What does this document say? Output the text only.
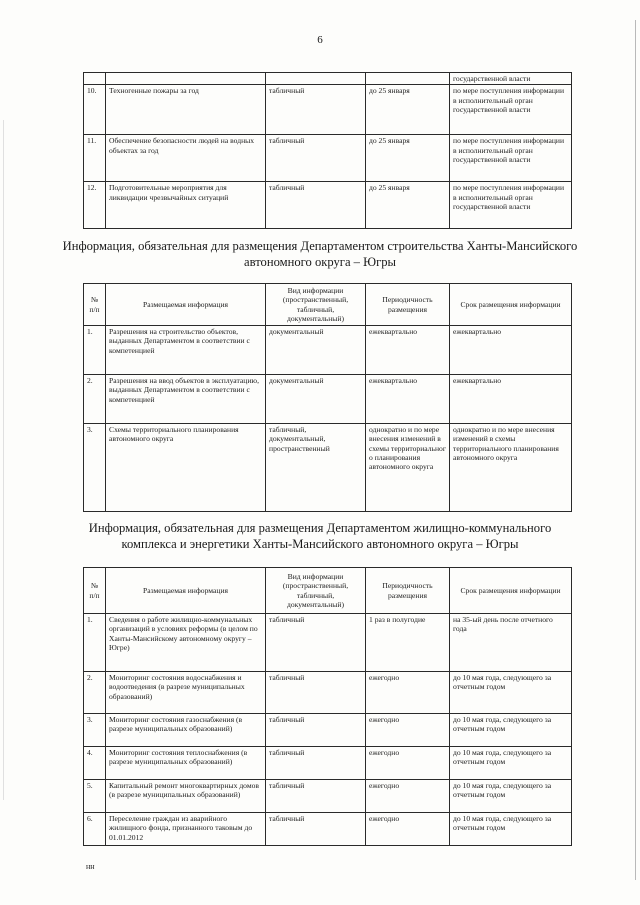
6
				государственной власти
10.	Техногенные пожары за год	табличный	до 25 января	по мере поступления информации в исполнительный орган государственной власти
11.	Обеспечение безопасности людей на водных объектах за год	табличный	до 25 января	по мере поступления информации в исполнительный орган государственной власти
12.	Подготовительные мероприятия для ликвидации чрезвычайных ситуаций	табличный	до 25 января	по мере поступления информации в исполнительный орган государственной власти
Информация, обязательная для размещения Департаментом строительства Ханты-Мансийского автономного округа – Югры
№ п/п	Размещаемая информация	Вид информации (пространственный, табличный, документальный)	Периодичность размещения	Срок размещения информации
1.	Разрешения на строительство объектов, выданных Департаментом в соответствии с компетенцией	документальный	ежеквартально	ежеквартально
2.	Разрешения на ввод объектов в эксплуатацию, выданных Департаментом в соответствии с компетенцией	документальный	ежеквартально	ежеквартально
3.	Схемы территориального планирования автономного округа	табличный, документальный, пространственный	однократно и по мере внесения изменений в схемы территориальног о планирования автономного округа	однократно и по мере внесения изменений в схемы территориального планирования автономного округа
Информация, обязательная для размещения Департаментом жилищно-коммунального комплекса и энергетики Ханты-Мансийского автономного округа – Югры
№ п/п	Размещаемая информация	Вид информации (пространственный, табличный, документальный)	Периодичность размещения	Срок размещения информации
1.	Сведения о работе жилищно-коммунальных организаций в условиях реформы (в целом по Ханты-Мансийскому автономному округу – Югре)	табличный	1 раз в полугодие	на 35-ый день после отчетного года
2.	Мониторинг состояния водоснабжения и водоотведения (в разрезе муниципальных образований)	табличный	ежегодно	до 10 мая года, следующего за отчетным годом
3.	Мониторинг состояния газоснабжения (в разрезе муниципальных образований)	табличный	ежегодно	до 10 мая года, следующего за отчетным годом
4.	Мониторинг состояния теплоснабжения (в разрезе муниципальных образований)	табличный	ежегодно	до 10 мая года, следующего за отчетным годом
5.	Капитальный ремонт многоквартирных домов (в разрезе муниципальных образований)	табличный	ежегодно	до 10 мая года, следующего за отчетным годом
6.	Переселение граждан из аварийного жилищного фонда, признанного таковым до 01.01.2012	табличный	ежегодно	до 10 мая года, следующего за отчетным годом
нн
